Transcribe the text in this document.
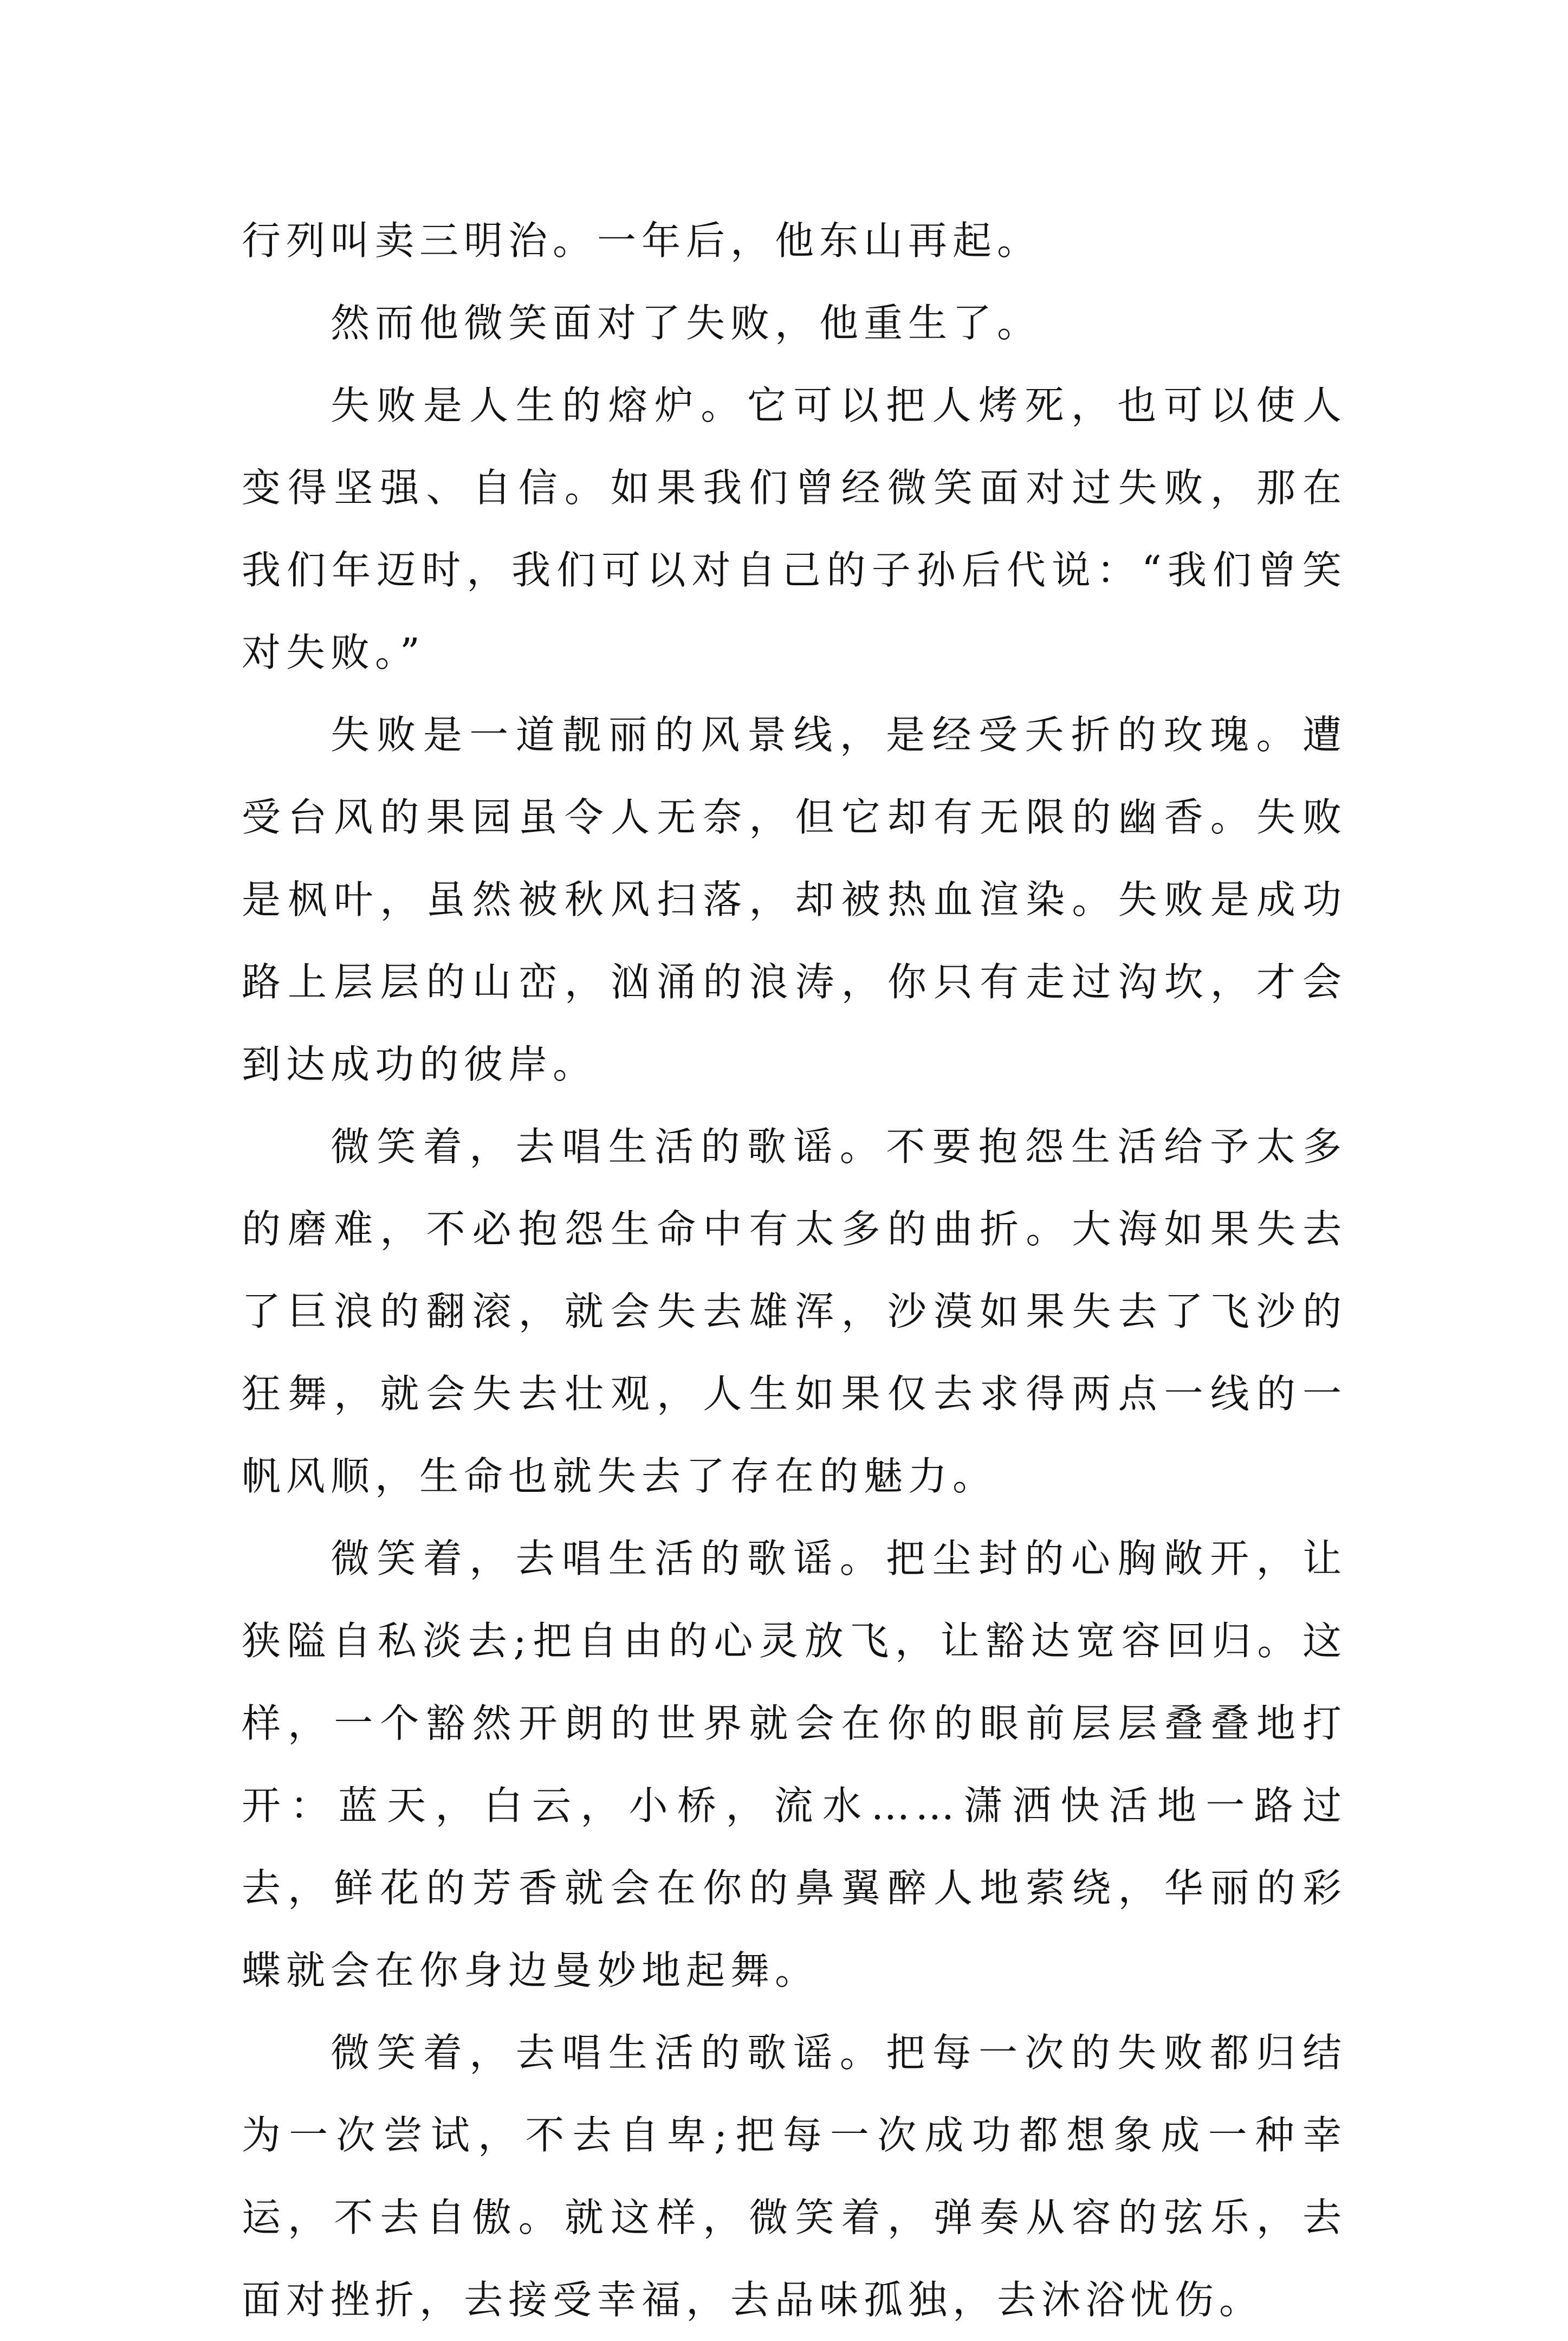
行列叫卖三明治。一年后，他东山再起。

然而他微笑面对了失败，他重生了。

失败是人生的熔炉。它可以把人烤死，也可以使人变得坚强、自信。如果我们曾经微笑面对过失败，那在我们年迈时，我们可以对自己的子孙后代说：“我们曾笑对失败。”

失败是一道靓丽的风景线，是经受夭折的玫瑰。遭受台风的果园虽令人无奈，但它却有无限的幽香。失败是枫叶，虽然被秋风扫落，却被热血渲染。失败是成功路上层层的山峦，汹涌的浪涛，你只有走过沟坎，才会到达成功的彼岸。

微笑着，去唱生活的歌谣。不要抱怨生活给予太多的磨难，不必抱怨生命中有太多的曲折。大海如果失去了巨浪的翻滚，就会失去雄浑，沙漠如果失去了飞沙的狂舞，就会失去壮观，人生如果仅去求得两点一线的一帆风顺，生命也就失去了存在的魅力。

微笑着，去唱生活的歌谣。把尘封的心胸敞开，让狭隘自私淡去;把自由的心灵放飞，让豁达宽容回归。这样，一个豁然开朗的世界就会在你的眼前层层叠叠地打开：蓝天，白云，小桥，流水……潇洒快活地一路过去，鲜花的芳香就会在你的鼻翼醉人地萦绕，华丽的彩蝶就会在你身边曼妙地起舞。

微笑着，去唱生活的歌谣。把每一次的失败都归结为一次尝试，不去自卑;把每一次成功都想象成一种幸运，不去自傲。就这样，微笑着，弹奏从容的弦乐，去面对挫折，去接受幸福，去品味孤独，去沐浴忧伤。
